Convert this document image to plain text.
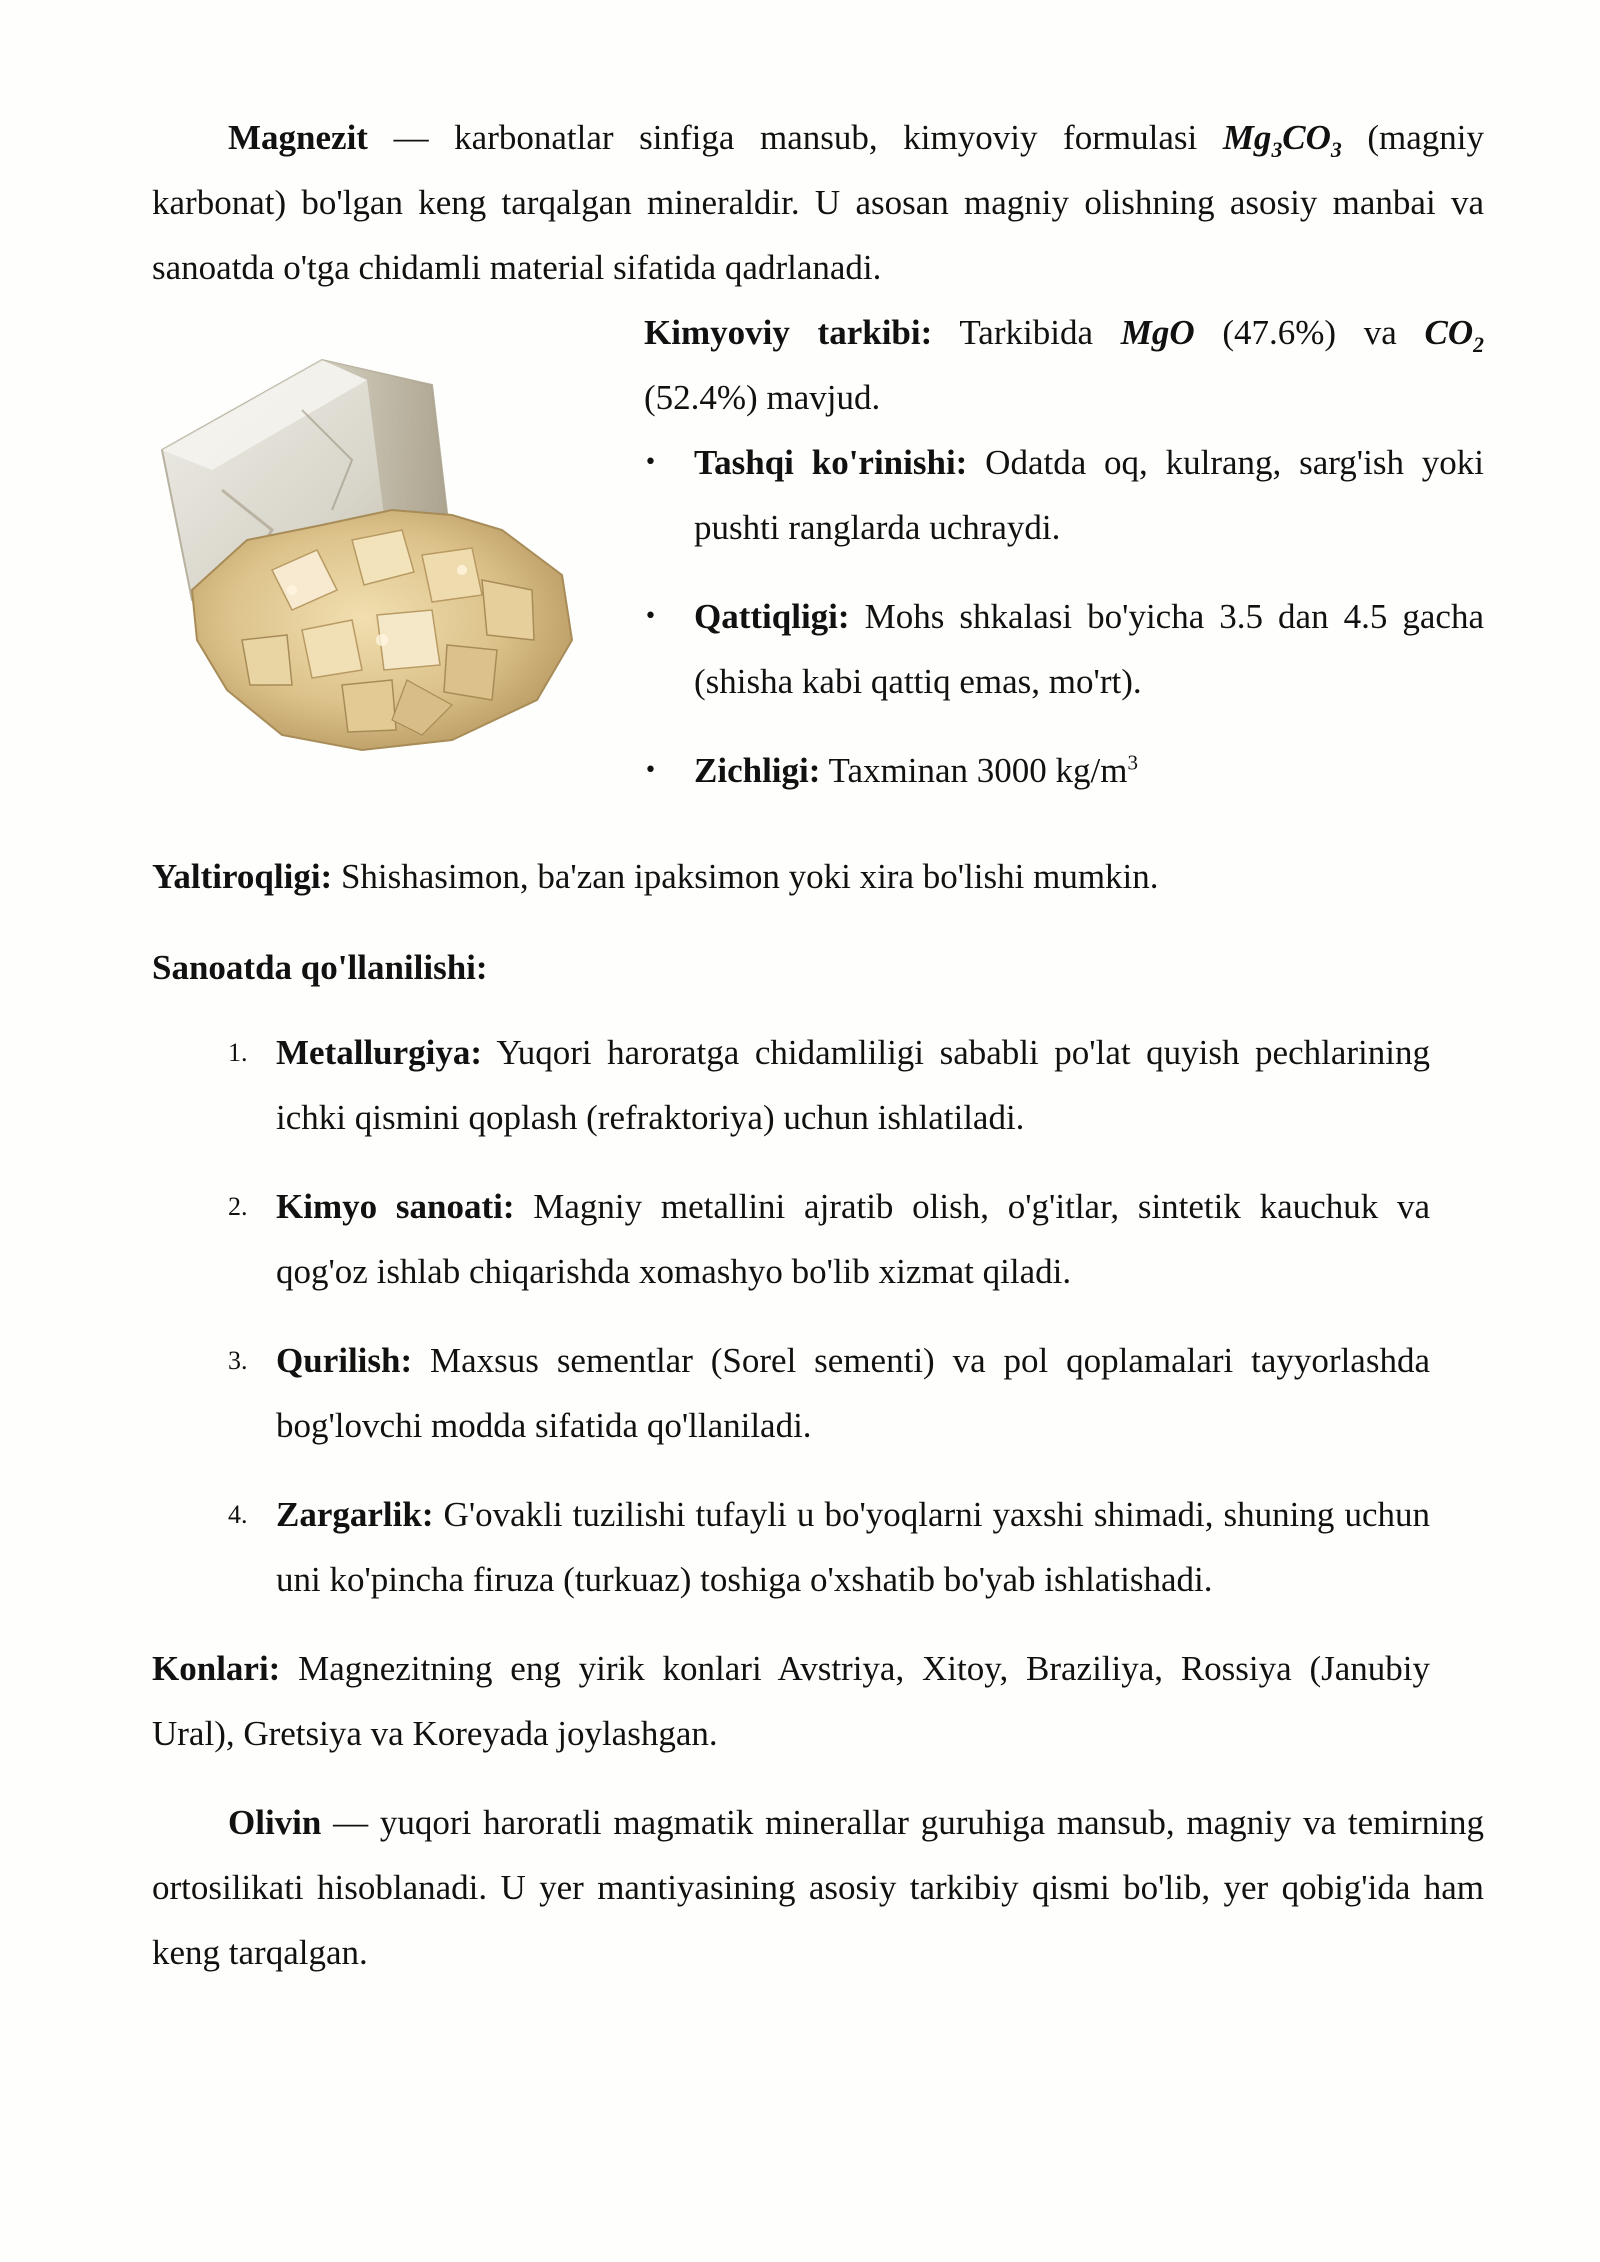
Magnezit — karbonatlar sinfiga mansub, kimyoviy formulasi $Mg_3CO_3$ (magniy karbonat) bo'lgan keng tarqalgan mineraldir. U asosan magniy olishning asosiy manbai va sanoatda o'tga chidamli material sifatida qadrlanadi.

Kimyoviy tarkibi: Tarkibida MgO (47.6%) va $CO_2$ (52.4%) mavjud.

• Tashqi ko'rinishi: Odatda oq, kulrang, sarg'ish yoki pushti ranglarda uchraydi.
• Qattiqligi: Mohs shkalasi bo'yicha 3.5 dan 4.5 gacha (shisha kabi qattiq emas, mo'rt).
• Zichligi: Taxminan 3000 $kg/m^3$

Yaltiroqligi: Shishasimon, ba'zan ipaksimon yoki xira bo'lishi mumkin.

Sanoatda qo'llanilishi:

1. Metallurgiya: Yuqori haroratga chidamliligi sababli po'lat quyish pechlarining ichki qismini qoplash (refraktoriya) uchun ishlatiladi.
2. Kimyo sanoati: Magniy metallini ajratib olish, o'g'itlar, sintetik kauchuk va qog'oz ishlab chiqarishda xomashyo bo'lib xizmat qiladi.
3. Qurilish: Maxsus sementlar (Sorel sementi) va pol qoplamalari tayyorlashda bog'lovchi modda sifatida qo'llaniladi.
4. Zargarlik: G'ovakli tuzilishi tufayli u bo'yoqlarni yaxshi shimadi, shuning uchun uni ko'pincha firuza (turkuaz) toshiga o'xshatib bo'yab ishlatishadi.

Konlari: Magnezitning eng yirik konlari Avstriya, Xitoy, Braziliya, Rossiya (Janubiy Ural), Gretsiya va Koreyada joylashgan.

Olivin — yuqori haroratli magmatik minerallar guruhiga mansub, magniy va temirning ortosilikati hisoblanadi. U yer mantiyasining asosiy tarkibiy qismi bo'lib, yer qobig'ida ham keng tarqalgan.
